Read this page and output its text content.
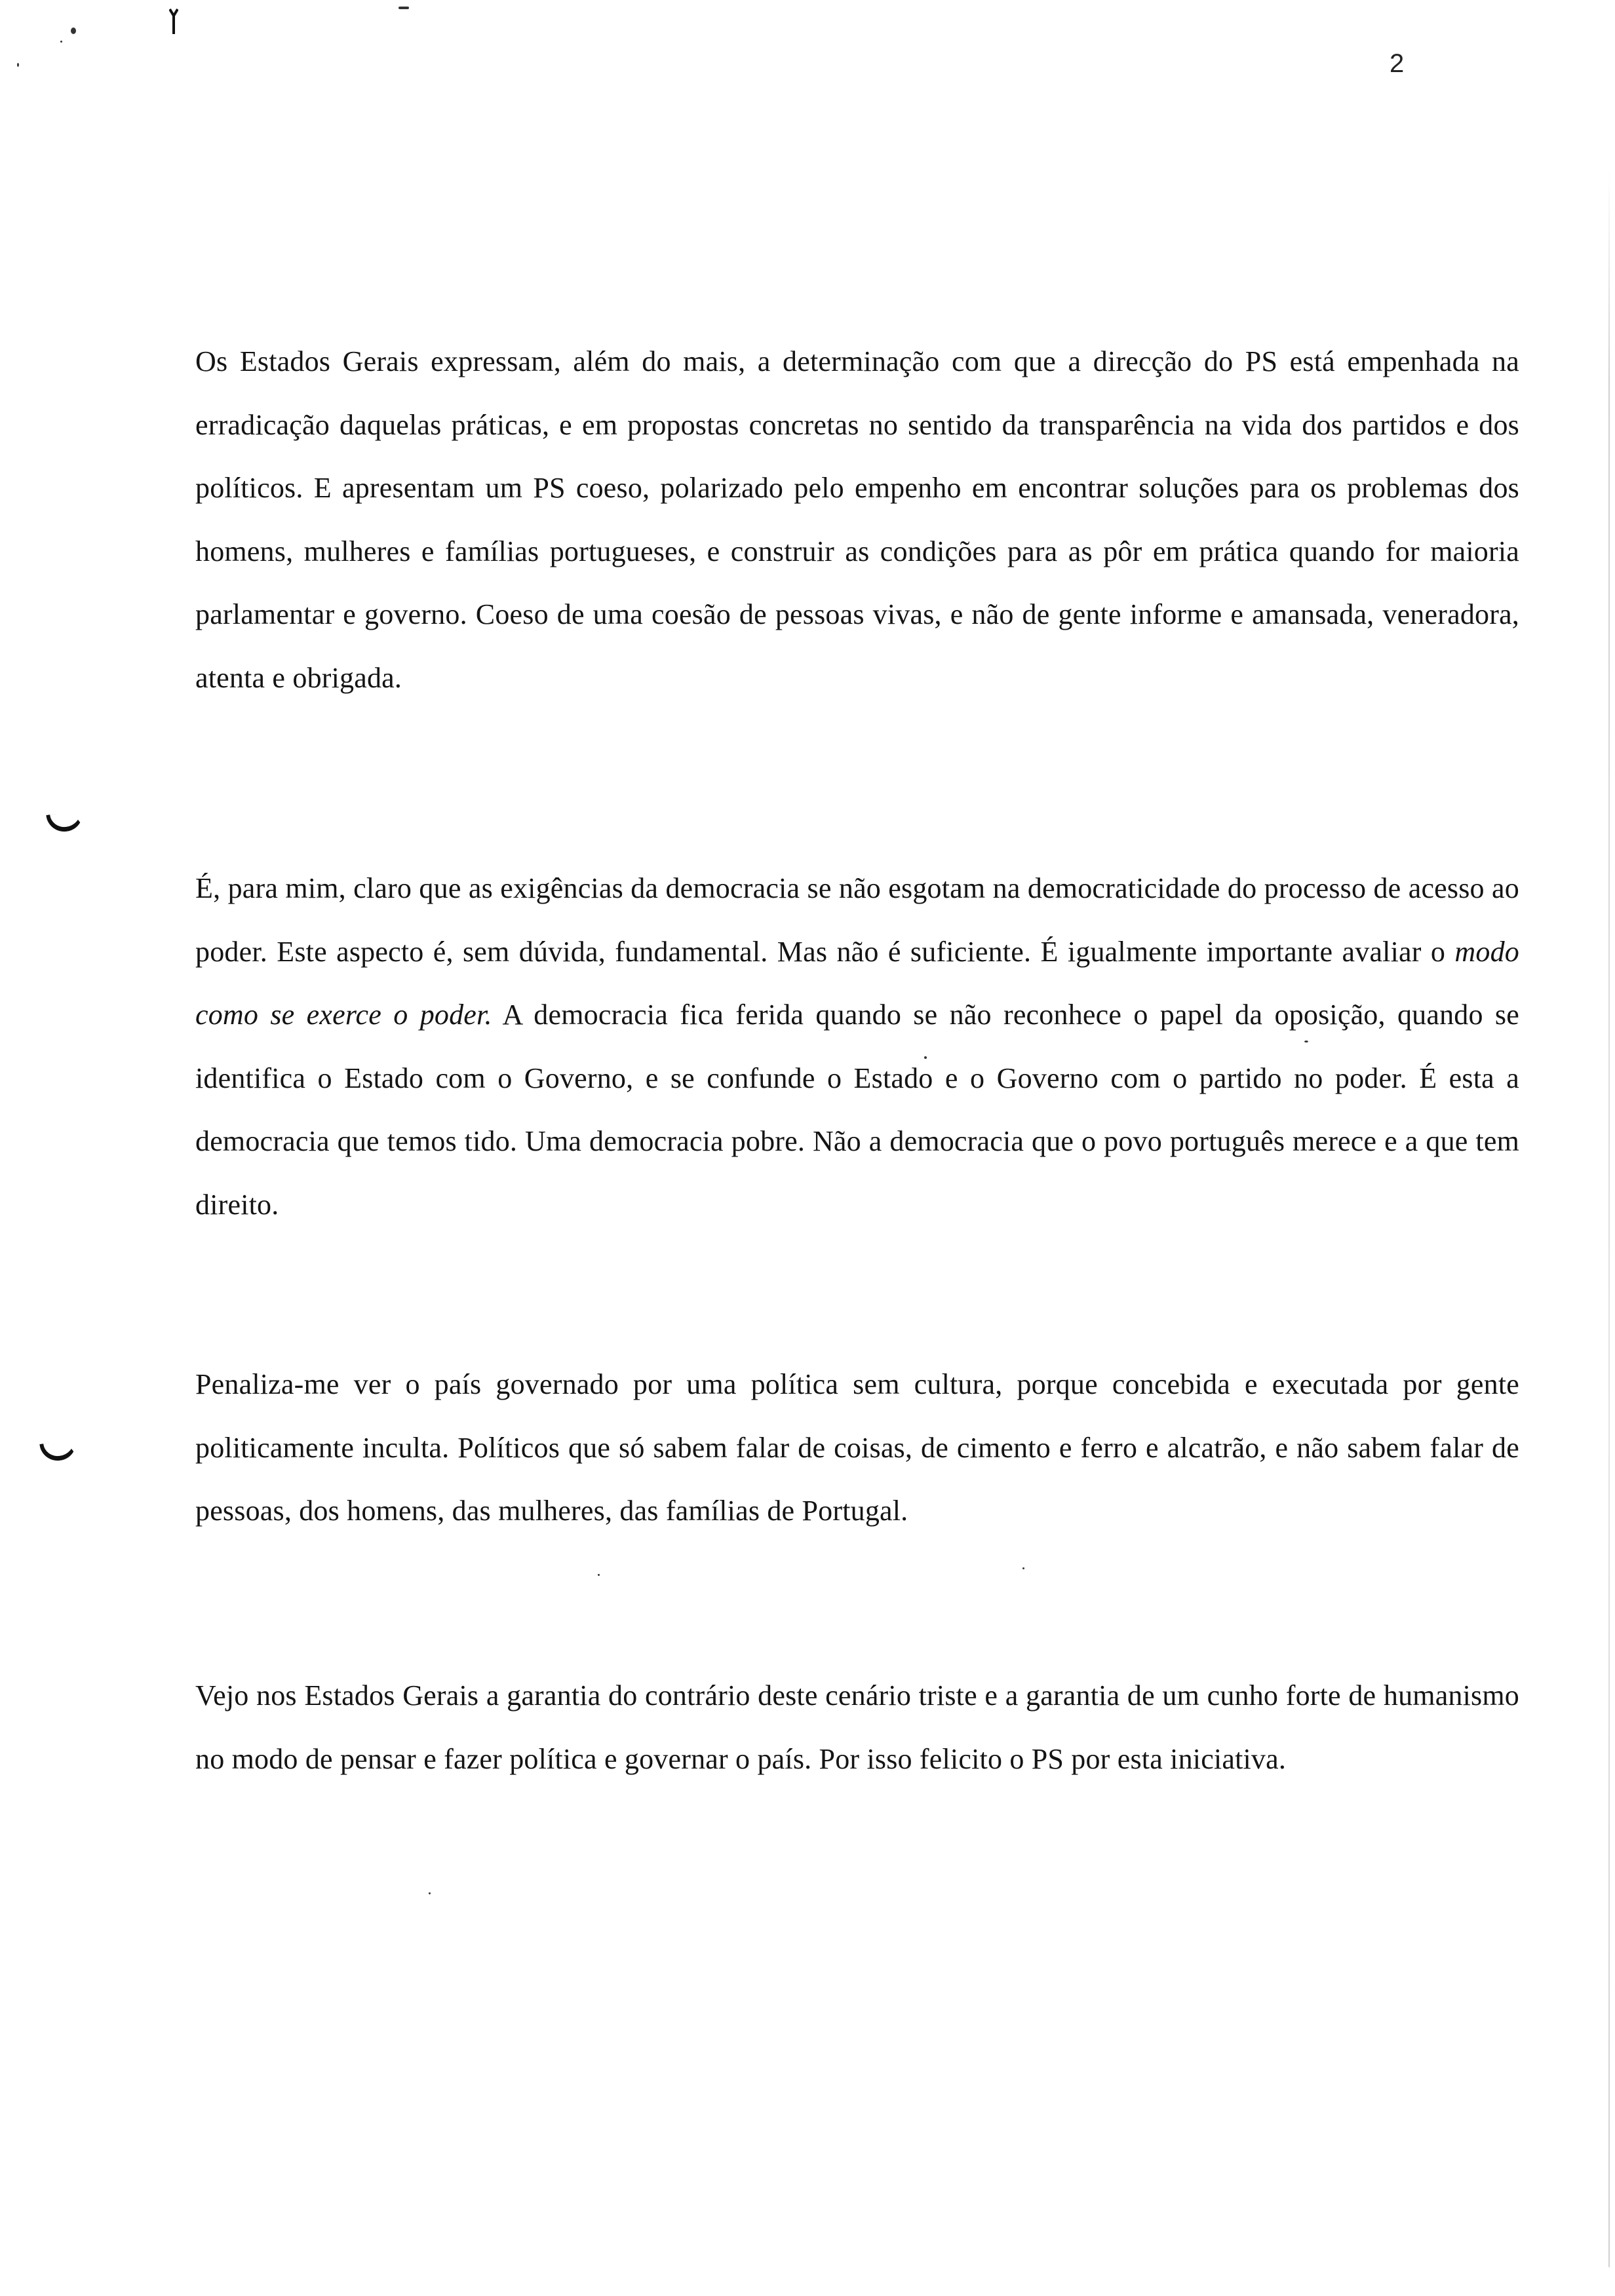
2

Os Estados Gerais expressam, além do mais, a determinação com que a direcção do PS está empenhada na erradicação daquelas práticas, e em propostas concretas no sentido da transparência na vida dos partidos e dos políticos. E apresentam um PS coeso, polarizado pelo empenho em encontrar soluções para os problemas dos homens, mulheres e famílias portugueses, e construir as condições para as pôr em prática quando for maioria parlamentar e governo. Coeso de uma coesão de pessoas vivas, e não de gente informe e amansada, veneradora, atenta e obrigada.

É, para mim, claro que as exigências da democracia se não esgotam na democraticidade do processo de acesso ao poder. Este aspecto é, sem dúvida, fundamental. Mas não é suficiente. É igualmente importante avaliar o modo como se exerce o poder. A democracia fica ferida quando se não reconhece o papel da oposição, quando se identifica o Estado com o Governo, e se confunde o Estado e o Governo com o partido no poder. É esta a democracia que temos tido. Uma democracia pobre. Não a democracia que o povo português merece e a que tem direito.

Penaliza-me ver o país governado por uma política sem cultura, porque concebida e executada por gente politicamente inculta. Políticos que só sabem falar de coisas, de cimento e ferro e alcatrão, e não sabem falar de pessoas, dos homens, das mulheres, das famílias de Portugal.

Vejo nos Estados Gerais a garantia do contrário deste cenário triste e a garantia de um cunho forte de humanismo no modo de pensar e fazer política e governar o país. Por isso felicito o PS por esta iniciativa.
